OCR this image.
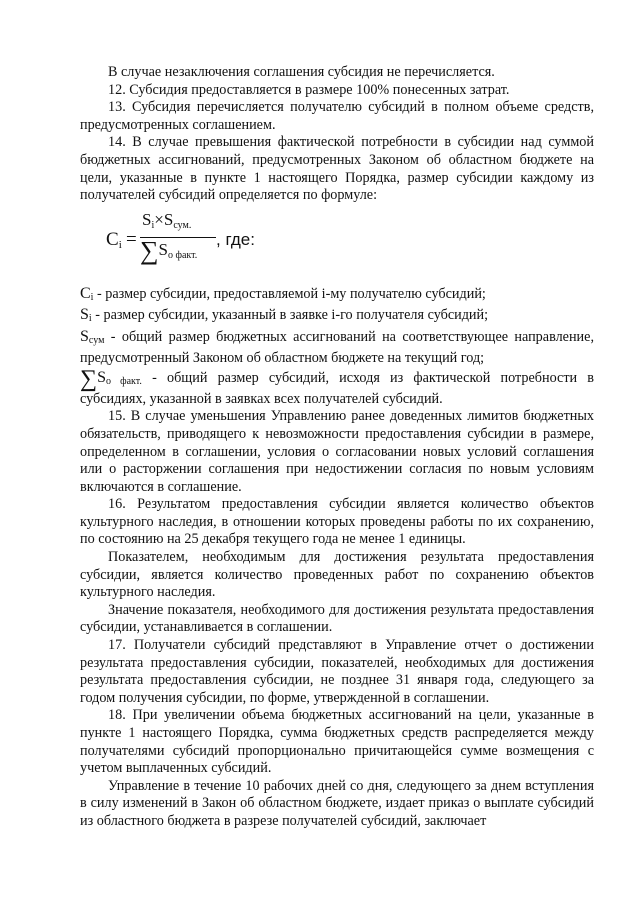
В случае незаключения соглашения субсидия не перечисляется.

12. Субсидия предоставляется в размере 100% понесенных затрат.

13. Субсидия перечисляется получателю субсидий в полном объеме средств, предусмотренных соглашением.

14. В случае превышения фактической потребности в субсидии над суммой бюджетных ассигнований, предусмотренных Законом об областном бюджете на цели, указанные в пункте 1 настоящего Порядка, размер субсидии каждому из получателей субсидий определяется по формуле:

$C_i$ =
$S_i\times S_{сум.}$
$\sum S_{о факт.}$
, где:

$C_i$ - размер субсидии, предоставляемой i-му получателю субсидий;

$S_i$ - размер субсидии, указанный в заявке i-го получателя субсидий;

$S_{сум}$ - общий размер бюджетных ассигнований на соответствующее направление, предусмотренный Законом об областном бюджете на текущий год;

$\sum S_{о факт.}$ - общий размер субсидий, исходя из фактической потребности в субсидиях, указанной в заявках всех получателей субсидий.

15. В случае уменьшения Управлению ранее доведенных лимитов бюджетных обязательств, приводящего к невозможности предоставления субсидии в размере, определенном в соглашении, условия о согласовании новых условий соглашения или о расторжении соглашения при недостижении согласия по новым условиям включаются в соглашение.

16. Результатом предоставления субсидии является количество объектов культурного наследия, в отношении которых проведены работы по их сохранению, по состоянию на 25 декабря текущего года не менее 1 единицы.

Показателем, необходимым для достижения результата предоставления субсидии, является количество проведенных работ по сохранению объектов культурного наследия.

Значение показателя, необходимого для достижения результата предоставления субсидии, устанавливается в соглашении.

17. Получатели субсидий представляют в Управление отчет о достижении результата предоставления субсидии, показателей, необходимых для достижения результата предоставления субсидии, не позднее 31 января года, следующего за годом получения субсидии, по форме, утвержденной в соглашении.

18. При увеличении объема бюджетных ассигнований на цели, указанные в пункте 1 настоящего Порядка, сумма бюджетных средств распределяется между получателями субсидий пропорционально причитающейся сумме возмещения с учетом выплаченных субсидий.

Управление в течение 10 рабочих дней со дня, следующего за днем вступления в силу изменений в Закон об областном бюджете, издает приказ о выплате субсидий из областного бюджета в разрезе получателей субсидий, заключает
